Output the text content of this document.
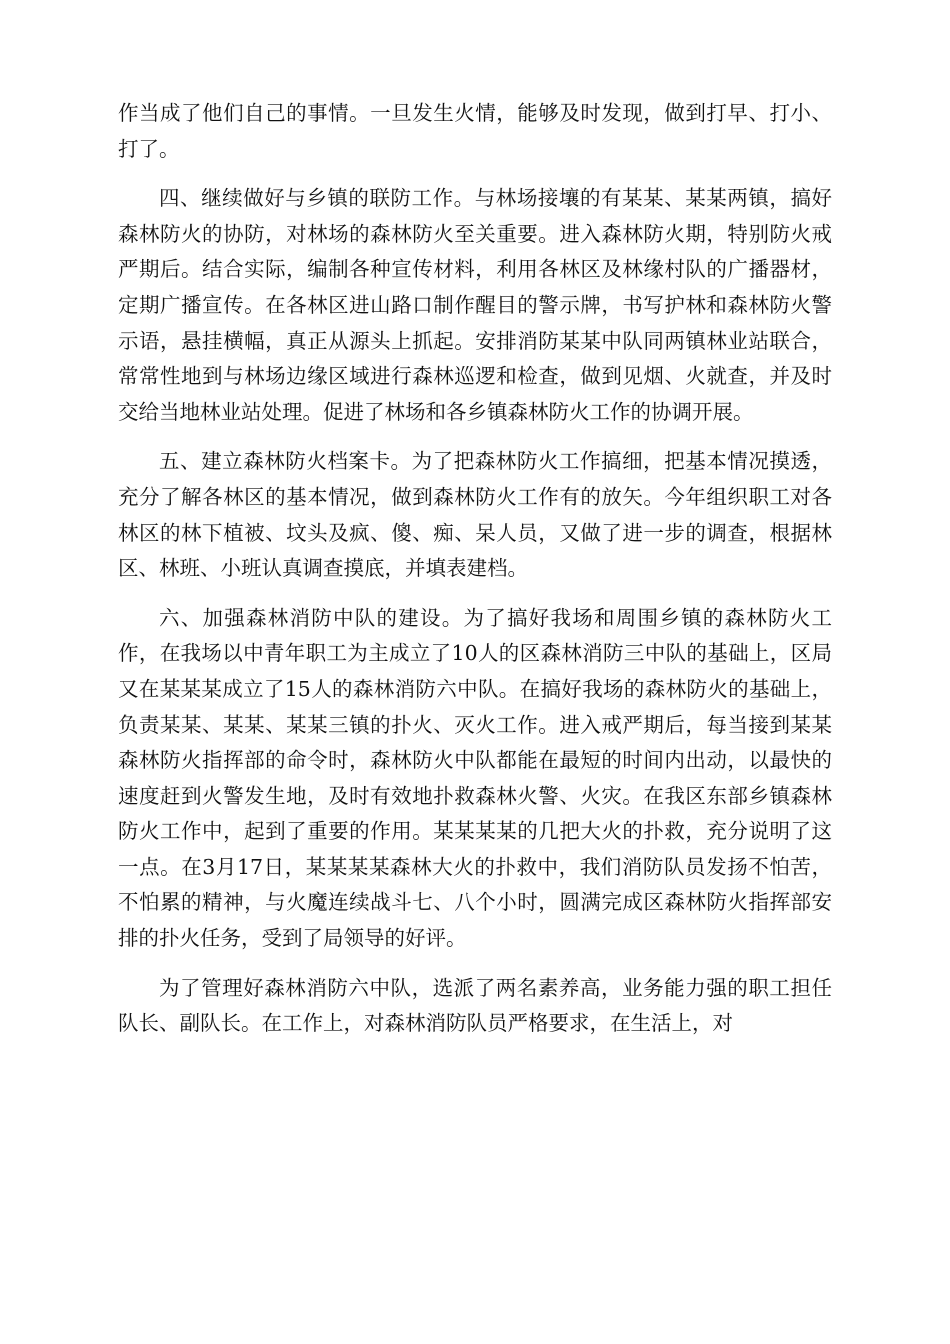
作当成了他们自己的事情。一旦发生火情，能够及时发现，做到打早、打小、打了。

四、继续做好与乡镇的联防工作。与林场接壤的有某某、某某两镇，搞好森林防火的协防，对林场的森林防火至关重要。进入森林防火期，特别防火戒严期后。结合实际，编制各种宣传材料，利用各林区及林缘村队的广播器材，定期广播宣传。在各林区进山路口制作醒目的警示牌，书写护林和森林防火警示语，悬挂横幅，真正从源头上抓起。安排消防某某中队同两镇林业站联合，常常性地到与林场边缘区域进行森林巡逻和检查，做到见烟、火就查，并及时交给当地林业站处理。促进了林场和各乡镇森林防火工作的协调开展。

五、建立森林防火档案卡。为了把森林防火工作搞细，把基本情况摸透，充分了解各林区的基本情况，做到森林防火工作有的放矢。今年组织职工对各林区的林下植被、坟头及疯、傻、痴、呆人员，又做了进一步的调查，根据林区、林班、小班认真调查摸底，并填表建档。

六、加强森林消防中队的建设。为了搞好我场和周围乡镇的森林防火工作，在我场以中青年职工为主成立了10人的区森林消防三中队的基础上，区局又在某某某成立了15人的森林消防六中队。在搞好我场的森林防火的基础上，负责某某、某某、某某三镇的扑火、灭火工作。进入戒严期后，每当接到某某森林防火指挥部的命令时，森林防火中队都能在最短的时间内出动，以最快的速度赶到火警发生地，及时有效地扑救森林火警、火灾。在我区东部乡镇森林防火工作中，起到了重要的作用。某某某某的几把大火的扑救，充分说明了这一点。在3月17日，某某某某森林大火的扑救中，我们消防队员发扬不怕苦，不怕累的精神，与火魔连续战斗七、八个小时，圆满完成区森林防火指挥部安排的扑火任务，受到了局领导的好评。

为了管理好森林消防六中队，选派了两名素养高，业务能力强的职工担任队长、副队长。在工作上，对森林消防队员严格要求，在生活上，对
